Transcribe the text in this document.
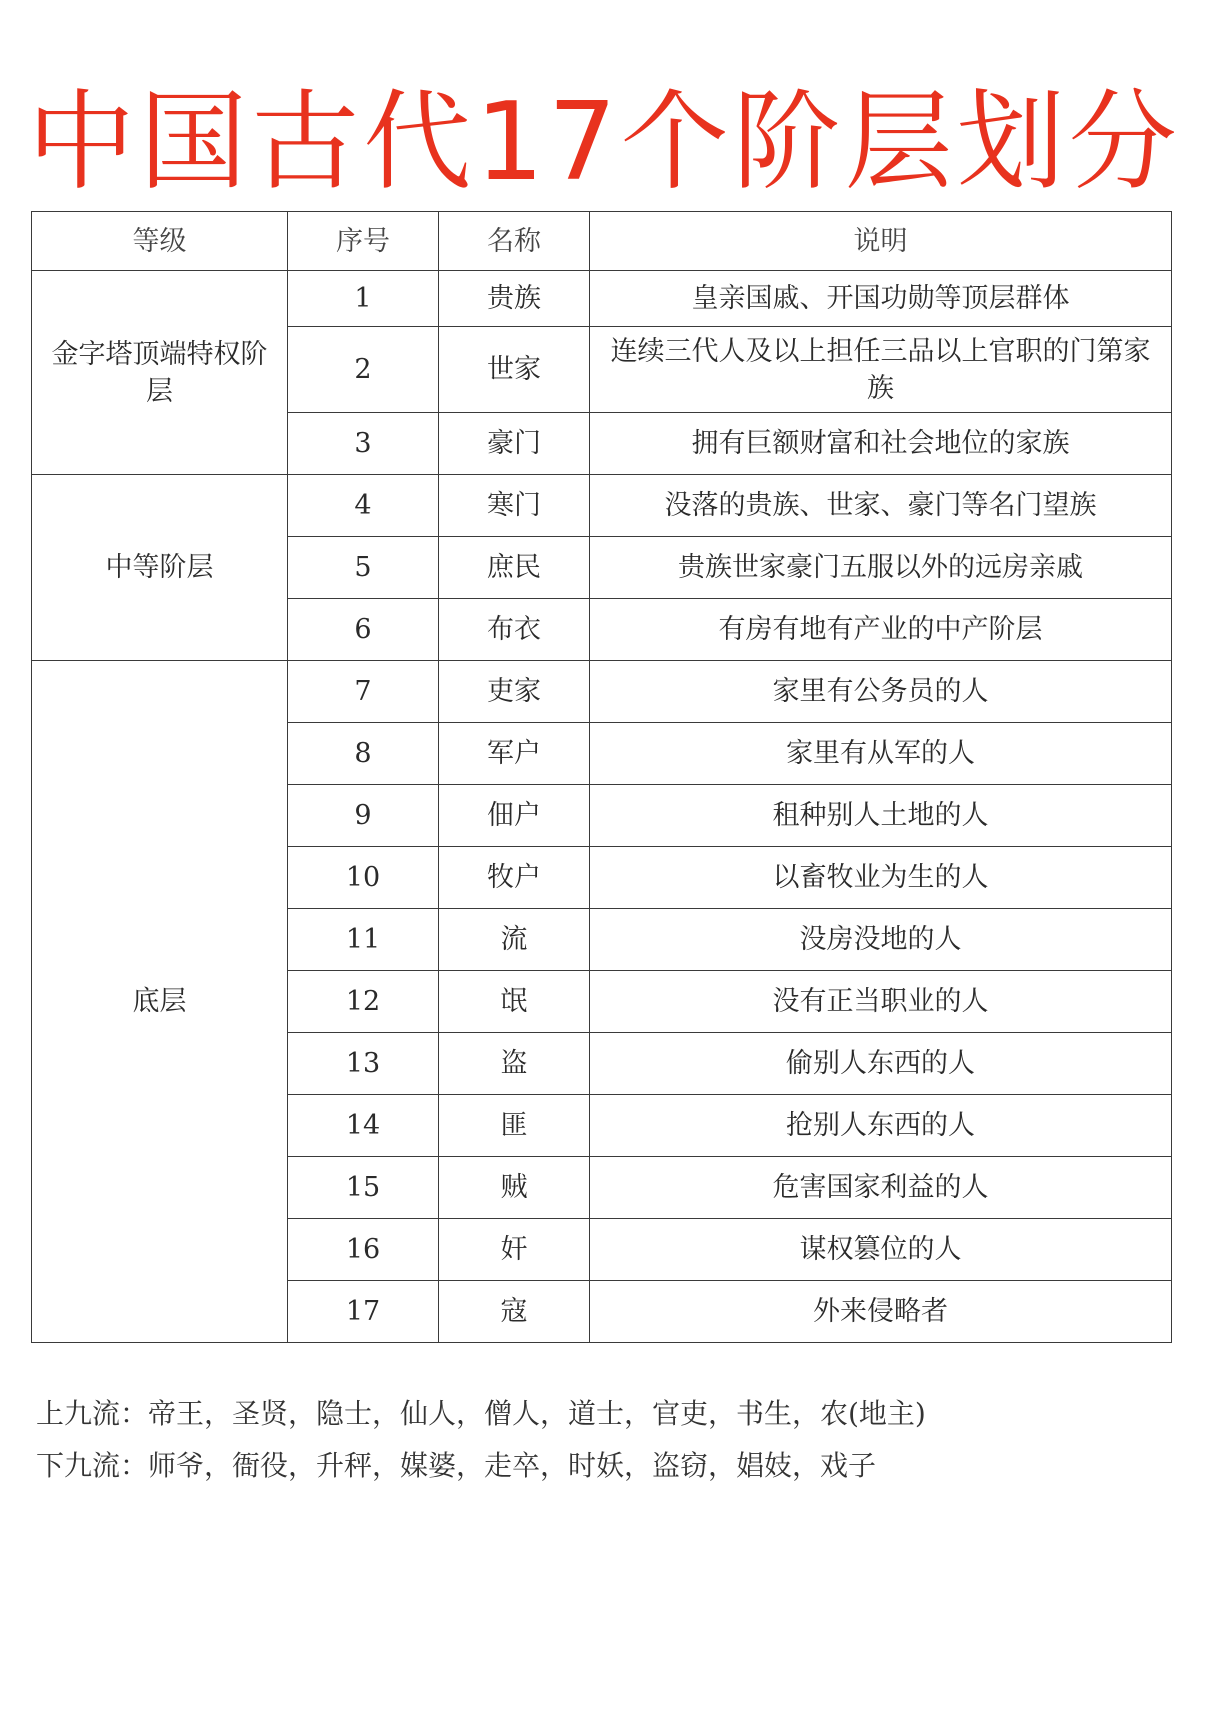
中国古代17个阶层划分
等级	序号	名称	说明
金字塔顶端特权阶层	1	贵族	皇亲国戚、开国功勋等顶层群体
	2	世家	连续三代人及以上担任三品以上官职的门第家族
	3	豪门	拥有巨额财富和社会地位的家族
中等阶层	4	寒门	没落的贵族、世家、豪门等名门望族
	5	庶民	贵族世家豪门五服以外的远房亲戚
	6	布衣	有房有地有产业的中产阶层
底层	7	吏家	家里有公务员的人
	8	军户	家里有从军的人
	9	佃户	租种别人土地的人
	10	牧户	以畜牧业为生的人
	11	流	没房没地的人
	12	氓	没有正当职业的人
	13	盗	偷别人东西的人
	14	匪	抢别人东西的人
	15	贼	危害国家利益的人
	16	奸	谋权篡位的人
	17	寇	外来侵略者
上九流：帝王，圣贤，隐士，仙人，僧人，道士，官吏，书生，农(地主)
下九流：师爷，衙役，升秤，媒婆，走卒，时妖，盗窃，娼妓，戏子
